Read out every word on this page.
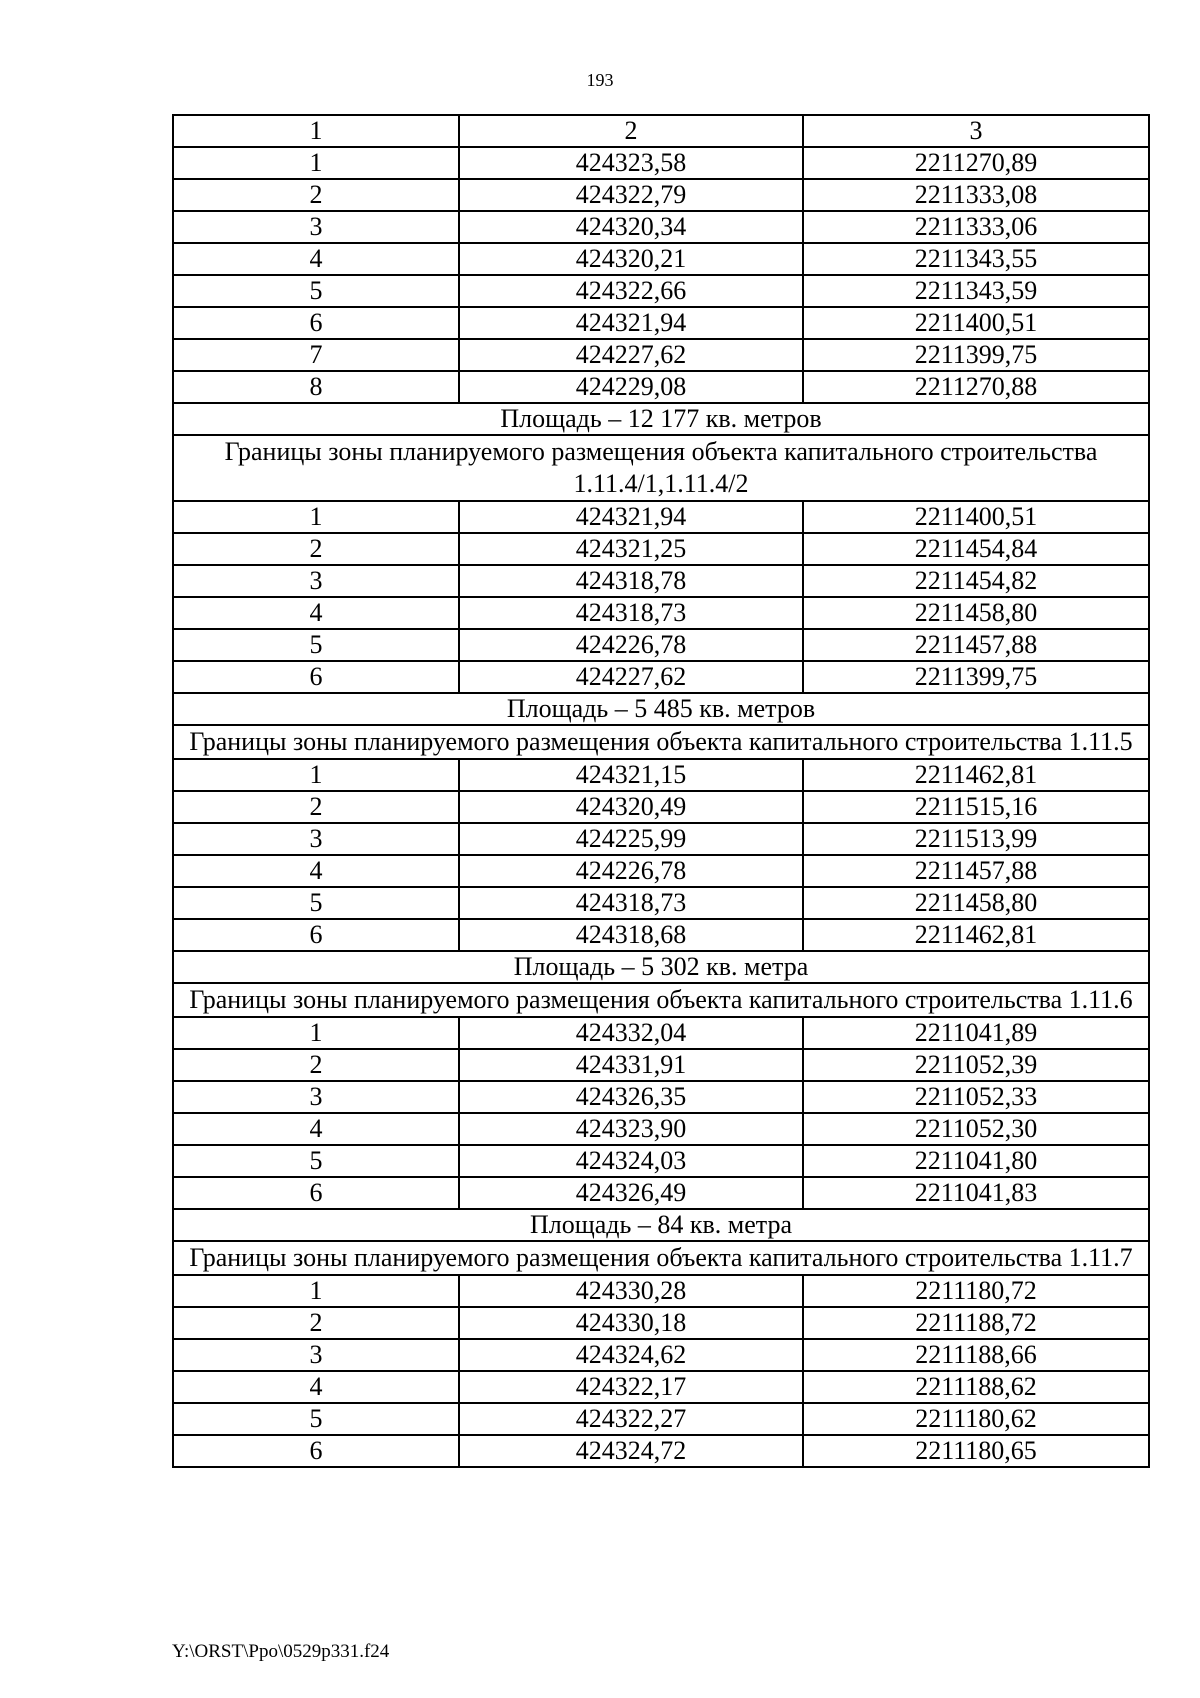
193
1	2	3
1	424323,58	2211270,89
2	424322,79	2211333,08
3	424320,34	2211333,06
4	424320,21	2211343,55
5	424322,66	2211343,59
6	424321,94	2211400,51
7	424227,62	2211399,75
8	424229,08	2211270,88
Площадь – 12 177 кв. метров		
Границы зоны планируемого размещения объекта капитального строительства 1.11.4/1,1.11.4/2		
1	424321,94	2211400,51
2	424321,25	2211454,84
3	424318,78	2211454,82
4	424318,73	2211458,80
5	424226,78	2211457,88
6	424227,62	2211399,75
Площадь – 5 485 кв. метров		
Границы зоны планируемого размещения объекта капитального строительства 1.11.5		
1	424321,15	2211462,81
2	424320,49	2211515,16
3	424225,99	2211513,99
4	424226,78	2211457,88
5	424318,73	2211458,80
6	424318,68	2211462,81
Площадь – 5 302 кв. метра		
Границы зоны планируемого размещения объекта капитального строительства 1.11.6		
1	424332,04	2211041,89
2	424331,91	2211052,39
3	424326,35	2211052,33
4	424323,90	2211052,30
5	424324,03	2211041,80
6	424326,49	2211041,83
Площадь – 84 кв. метра		
Границы зоны планируемого размещения объекта капитального строительства 1.11.7		
1	424330,28	2211180,72
2	424330,18	2211188,72
3	424324,62	2211188,66
4	424322,17	2211188,62
5	424322,27	2211180,62
6	424324,72	2211180,65
Y:\ORST\Ppo\0529p331.f24
